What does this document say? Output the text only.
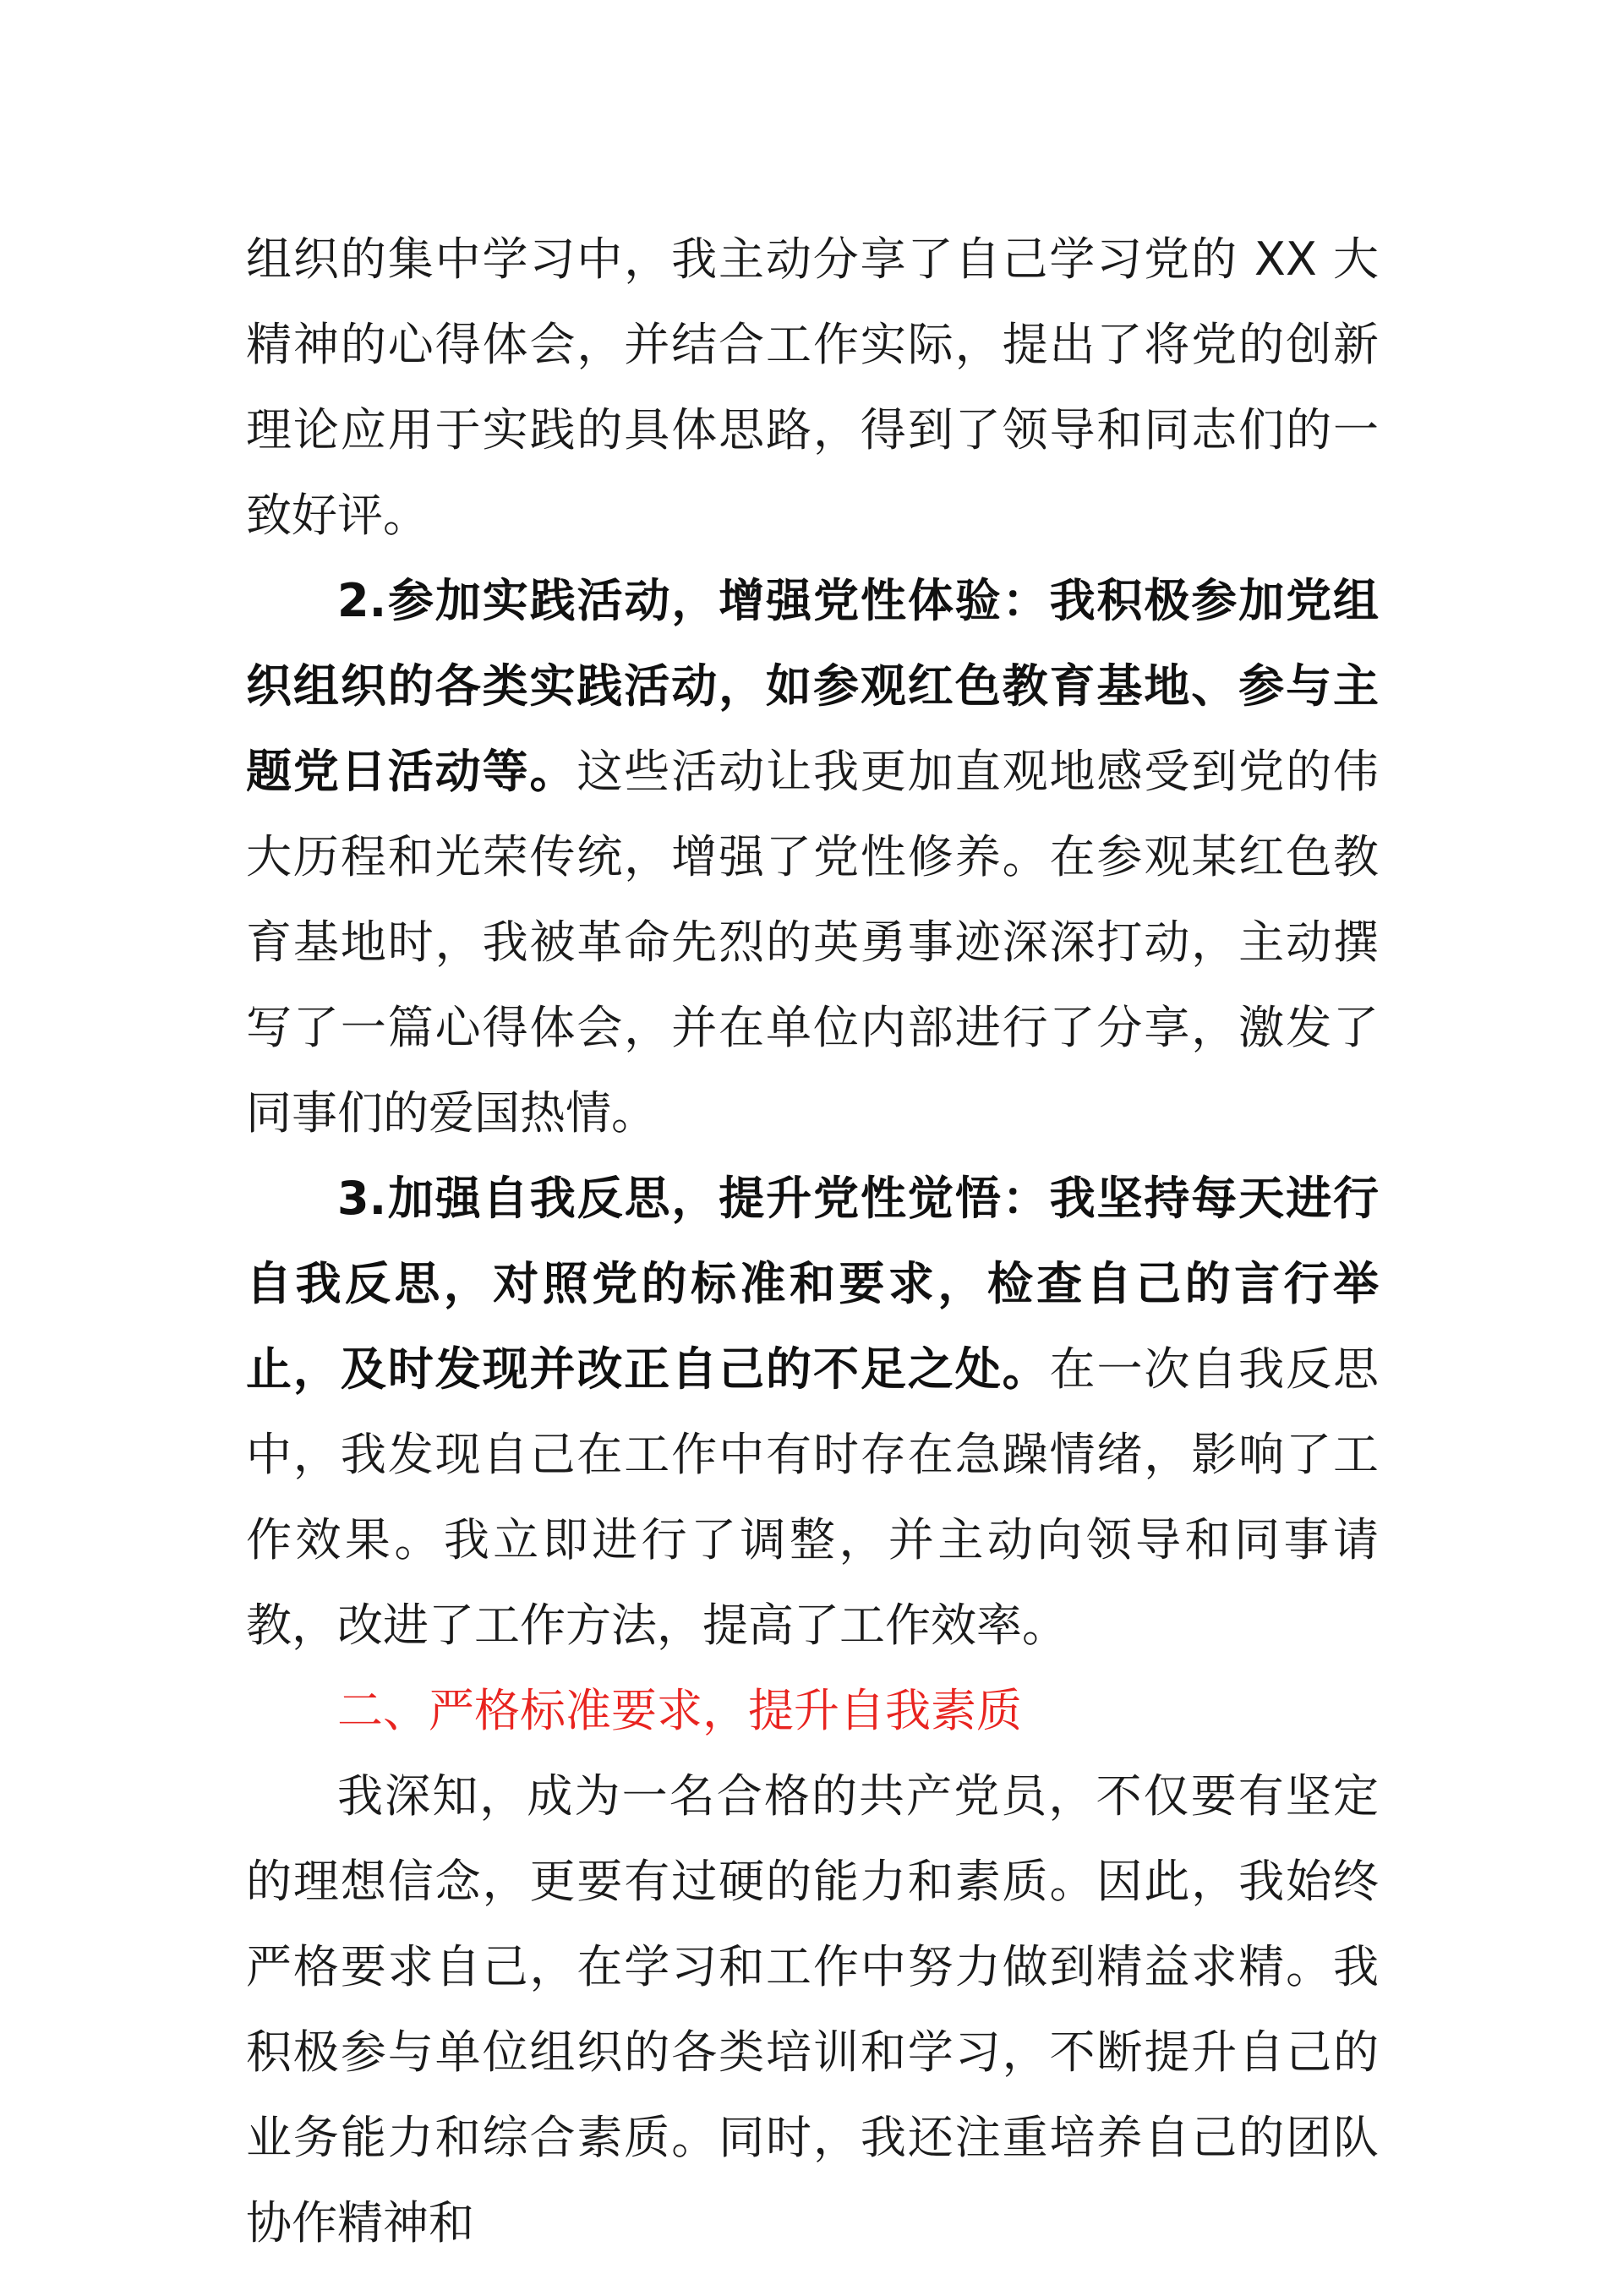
组织的集中学习中，我主动分享了自己学习党的 XX 大精神的心得体会，并结合工作实际，提出了将党的创新理论应用于实践的具体思路，得到了领导和同志们的一致好评。

2.参加实践活动，增强党性体验：我积极参加党组织组织的各类实践活动，如参观红色教育基地、参与主题党日活动等。这些活动让我更加直观地感受到党的伟大历程和光荣传统，增强了党性修养。在参观某红色教育基地时，我被革命先烈的英勇事迹深深打动，主动撰写了一篇心得体会，并在单位内部进行了分享，激发了同事们的爱国热情。

3.加强自我反思，提升党性觉悟：我坚持每天进行自我反思，对照党的标准和要求，检查自己的言行举止，及时发现并改正自己的不足之处。在一次自我反思中，我发现自己在工作中有时存在急躁情绪，影响了工作效果。我立即进行了调整，并主动向领导和同事请教，改进了工作方法，提高了工作效率。

二、严格标准要求，提升自我素质

我深知，成为一名合格的共产党员，不仅要有坚定的理想信念，更要有过硬的能力和素质。因此，我始终严格要求自己，在学习和工作中努力做到精益求精。我积极参与单位组织的各类培训和学习，不断提升自己的业务能力和综合素质。同时，我还注重培养自己的团队协作精神和
